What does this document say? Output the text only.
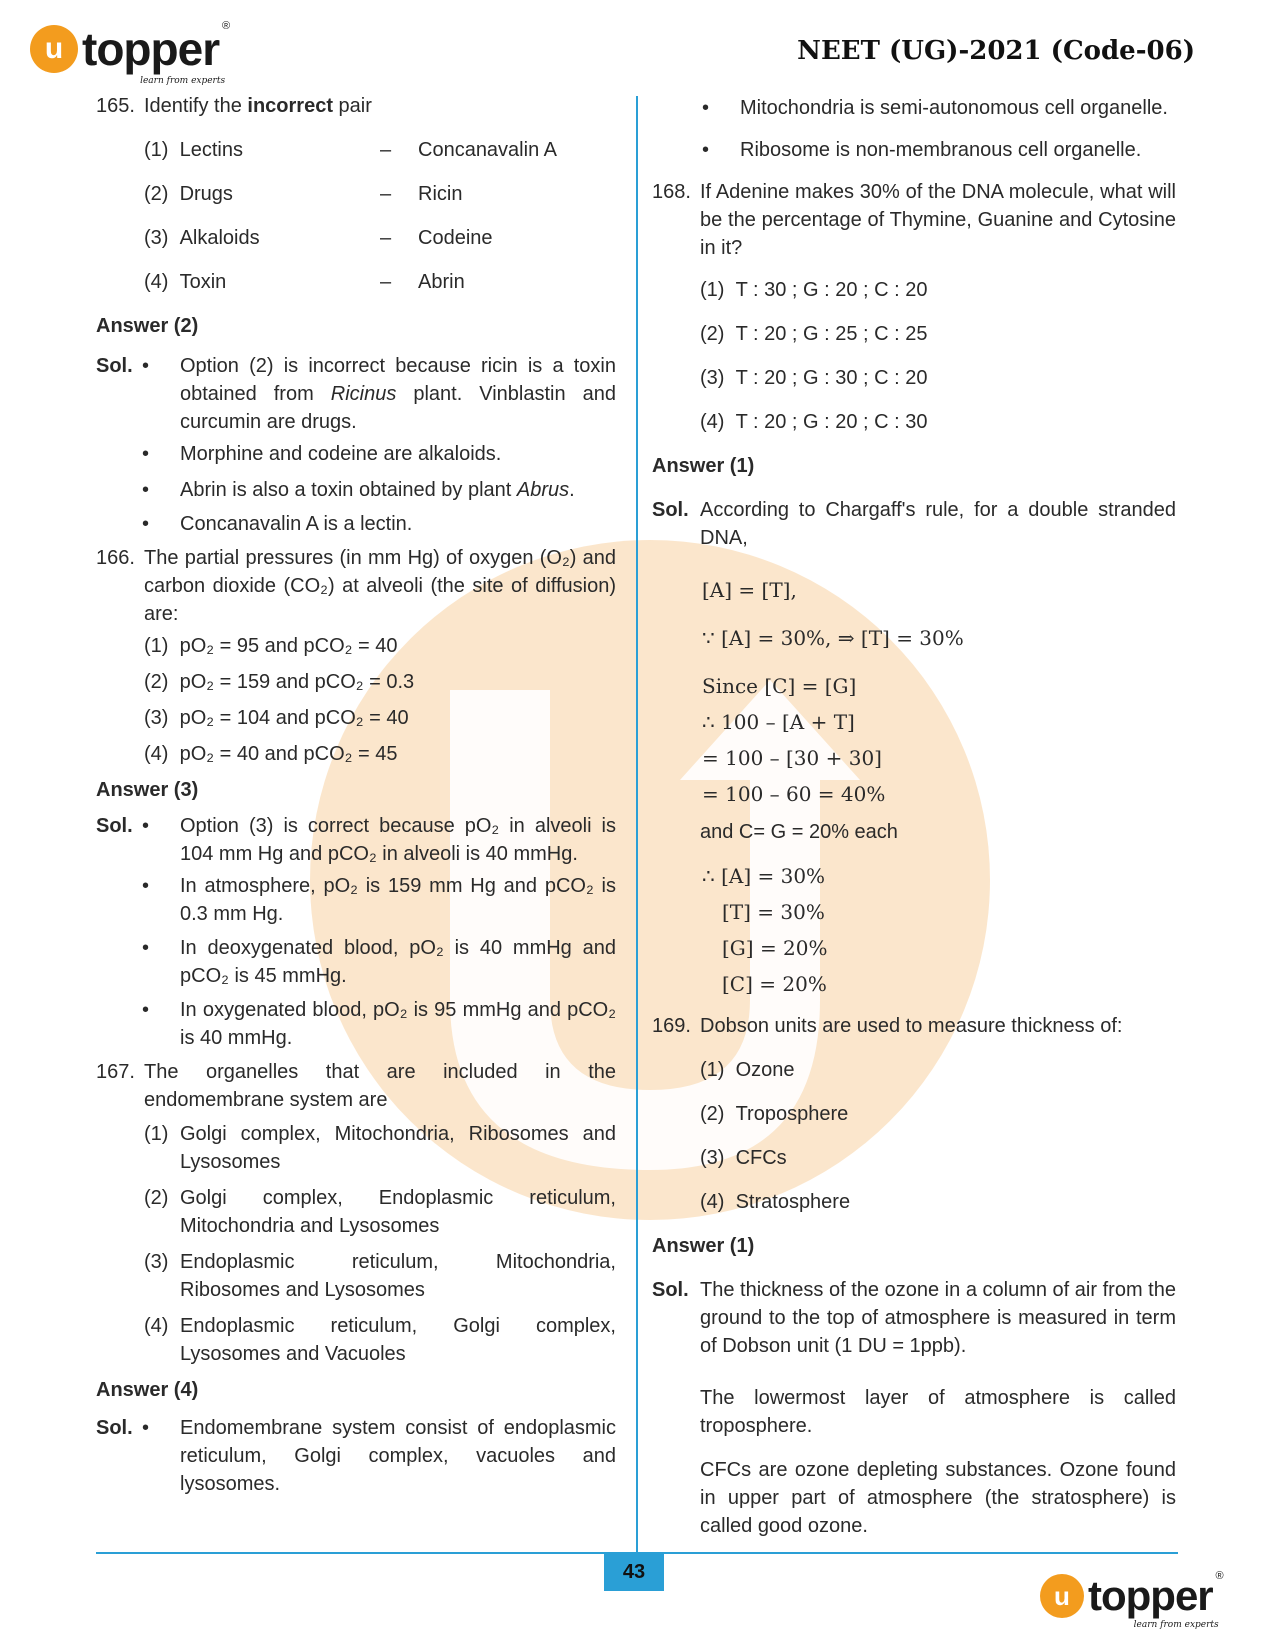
u topper ®
learn from experts
NEET (UG)-2021 (Code-06)
43
u topper ®
learn from experts
165. Identify the incorrect pair
(1) Lectins	– Concanavalin A
(2) Drugs	– Ricin
(3) Alkaloids	– Codeine
(4) Toxin	– Abrin
Answer (2)
Sol. • Option (2) is incorrect because ricin is a toxin obtained from Ricinus plant. Vinblastin and curcumin are drugs.
• Morphine and codeine are alkaloids.
• Abrin is also a toxin obtained by plant Abrus.
• Concanavalin A is a lectin.
166. The partial pressures (in mm Hg) of oxygen (O₂) and carbon dioxide (CO₂) at alveoli (the site of diffusion) are:
(1) pO₂ = 95 and pCO₂ = 40
(2) pO₂ = 159 and pCO₂ = 0.3
(3) pO₂ = 104 and pCO₂ = 40
(4) pO₂ = 40 and pCO₂ = 45
Answer (3)
Sol. • Option (3) is correct because pO₂ in alveoli is 104 mm Hg and pCO₂ in alveoli is 40 mmHg.
• In atmosphere, pO₂ is 159 mm Hg and pCO₂ is 0.3 mm Hg.
• In deoxygenated blood, pO₂ is 40 mmHg and pCO₂ is 45 mmHg.
• In oxygenated blood, pO₂ is 95 mmHg and pCO₂ is 40 mmHg.
167. The organelles that are included in the endomembrane system are
(1) Golgi complex, Mitochondria, Ribosomes and Lysosomes
(2) Golgi complex, Endoplasmic reticulum, Mitochondria and Lysosomes
(3) Endoplasmic reticulum, Mitochondria, Ribosomes and Lysosomes
(4) Endoplasmic reticulum, Golgi complex, Lysosomes and Vacuoles
Answer (4)
Sol. • Endomembrane system consist of endoplasmic reticulum, Golgi complex, vacuoles and lysosomes.
• Mitochondria is semi-autonomous cell organelle.
• Ribosome is non-membranous cell organelle.
168. If Adenine makes 30% of the DNA molecule, what will be the percentage of Thymine, Guanine and Cytosine in it?
(1) T : 30 ; G : 20 ; C : 20
(2) T : 20 ; G : 25 ; C : 25
(3) T : 20 ; G : 30 ; C : 20
(4) T : 20 ; G : 20 ; C : 30
Answer (1)
Sol. According to Chargaff's rule, for a double stranded DNA,
[A] = [T],
∵ [A] = 30%, ⇒ [T] = 30%
Since [C] = [G]
∴ 100 – [A + T]
= 100 – [30 + 30]
= 100 – 60 = 40%
and C= G = 20% each
∴ [A] = 30%
[T] = 30%
[G] = 20%
[C] = 20%
169. Dobson units are used to measure thickness of:
(1) Ozone
(2) Troposphere
(3) CFCs
(4) Stratosphere
Answer (1)
Sol. The thickness of the ozone in a column of air from the ground to the top of atmosphere is measured in term of Dobson unit (1 DU = 1ppb).
The lowermost layer of atmosphere is called troposphere.
CFCs are ozone depleting substances. Ozone found in upper part of atmosphere (the stratosphere) is called good ozone.
